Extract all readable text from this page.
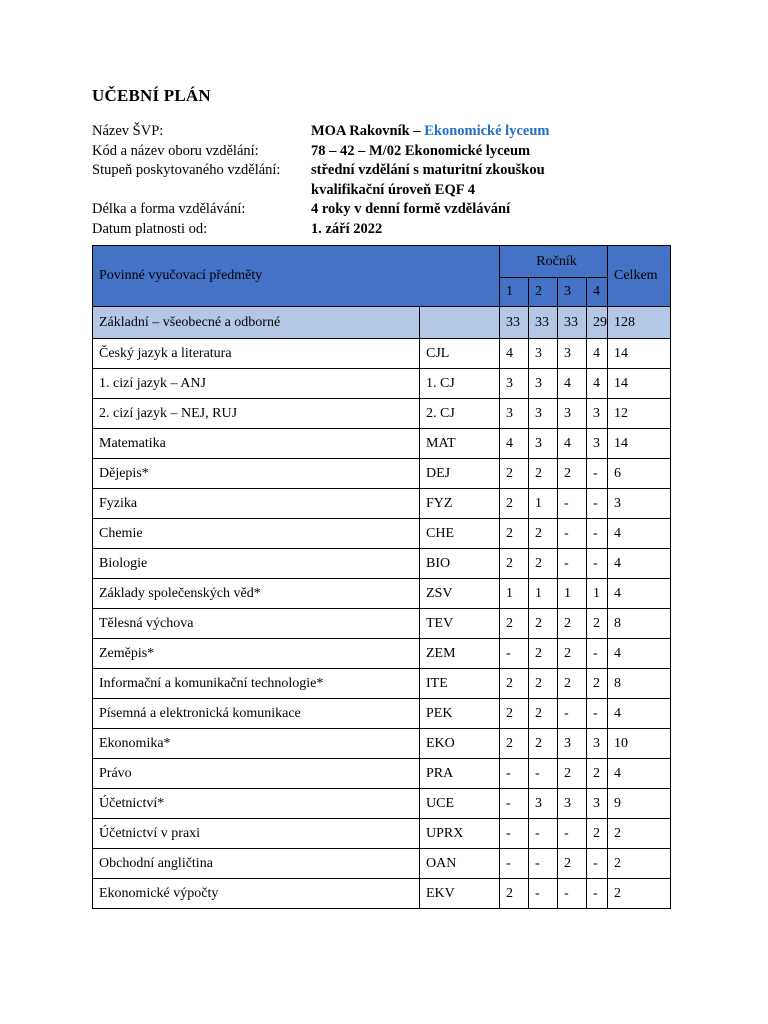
UČEBNÍ PLÁN
Název ŠVP:	MOA Rakovník – Ekonomické lyceum
Kód a název oboru vzdělání:	78 – 42 – M/02 Ekonomické lyceum
Stupeň poskytovaného vzdělání:	střední vzdělání s maturitní zkouškou
kvalifikační úroveň EQF 4
Délka a forma vzdělávání:	4 roky v denní formě vzdělávání
Datum platnosti od:	1. září 2022
Povinné vyučovací předměty		Ročník				Celkem
		1	2	3	4	
Základní – všeobecné a odborné		33	33	33	29	128
Český jazyk a literatura	CJL	4	3	3	4	14
1. cizí jazyk – ANJ	1. CJ	3	3	4	4	14
2. cizí jazyk – NEJ, RUJ	2. CJ	3	3	3	3	12
Matematika	MAT	4	3	4	3	14
Dějepis*	DEJ	2	2	2	-	6
Fyzika	FYZ	2	1	-	-	3
Chemie	CHE	2	2	-	-	4
Biologie	BIO	2	2	-	-	4
Základy společenských věd*	ZSV	1	1	1	1	4
Tělesná výchova	TEV	2	2	2	2	8
Zeměpis*	ZEM	-	2	2	-	4
Informační a komunikační technologie*	ITE	2	2	2	2	8
Písemná a elektronická komunikace	PEK	2	2	-	-	4
Ekonomika*	EKO	2	2	3	3	10
Právo	PRA	-	-	2	2	4
Účetnictví*	UCE	-	3	3	3	9
Účetnictví v praxi	UPRX	-	-	-	2	2
Obchodní angličtina	OAN	-	-	2	-	2
Ekonomické výpočty	EKV	2	-	-	-	2
